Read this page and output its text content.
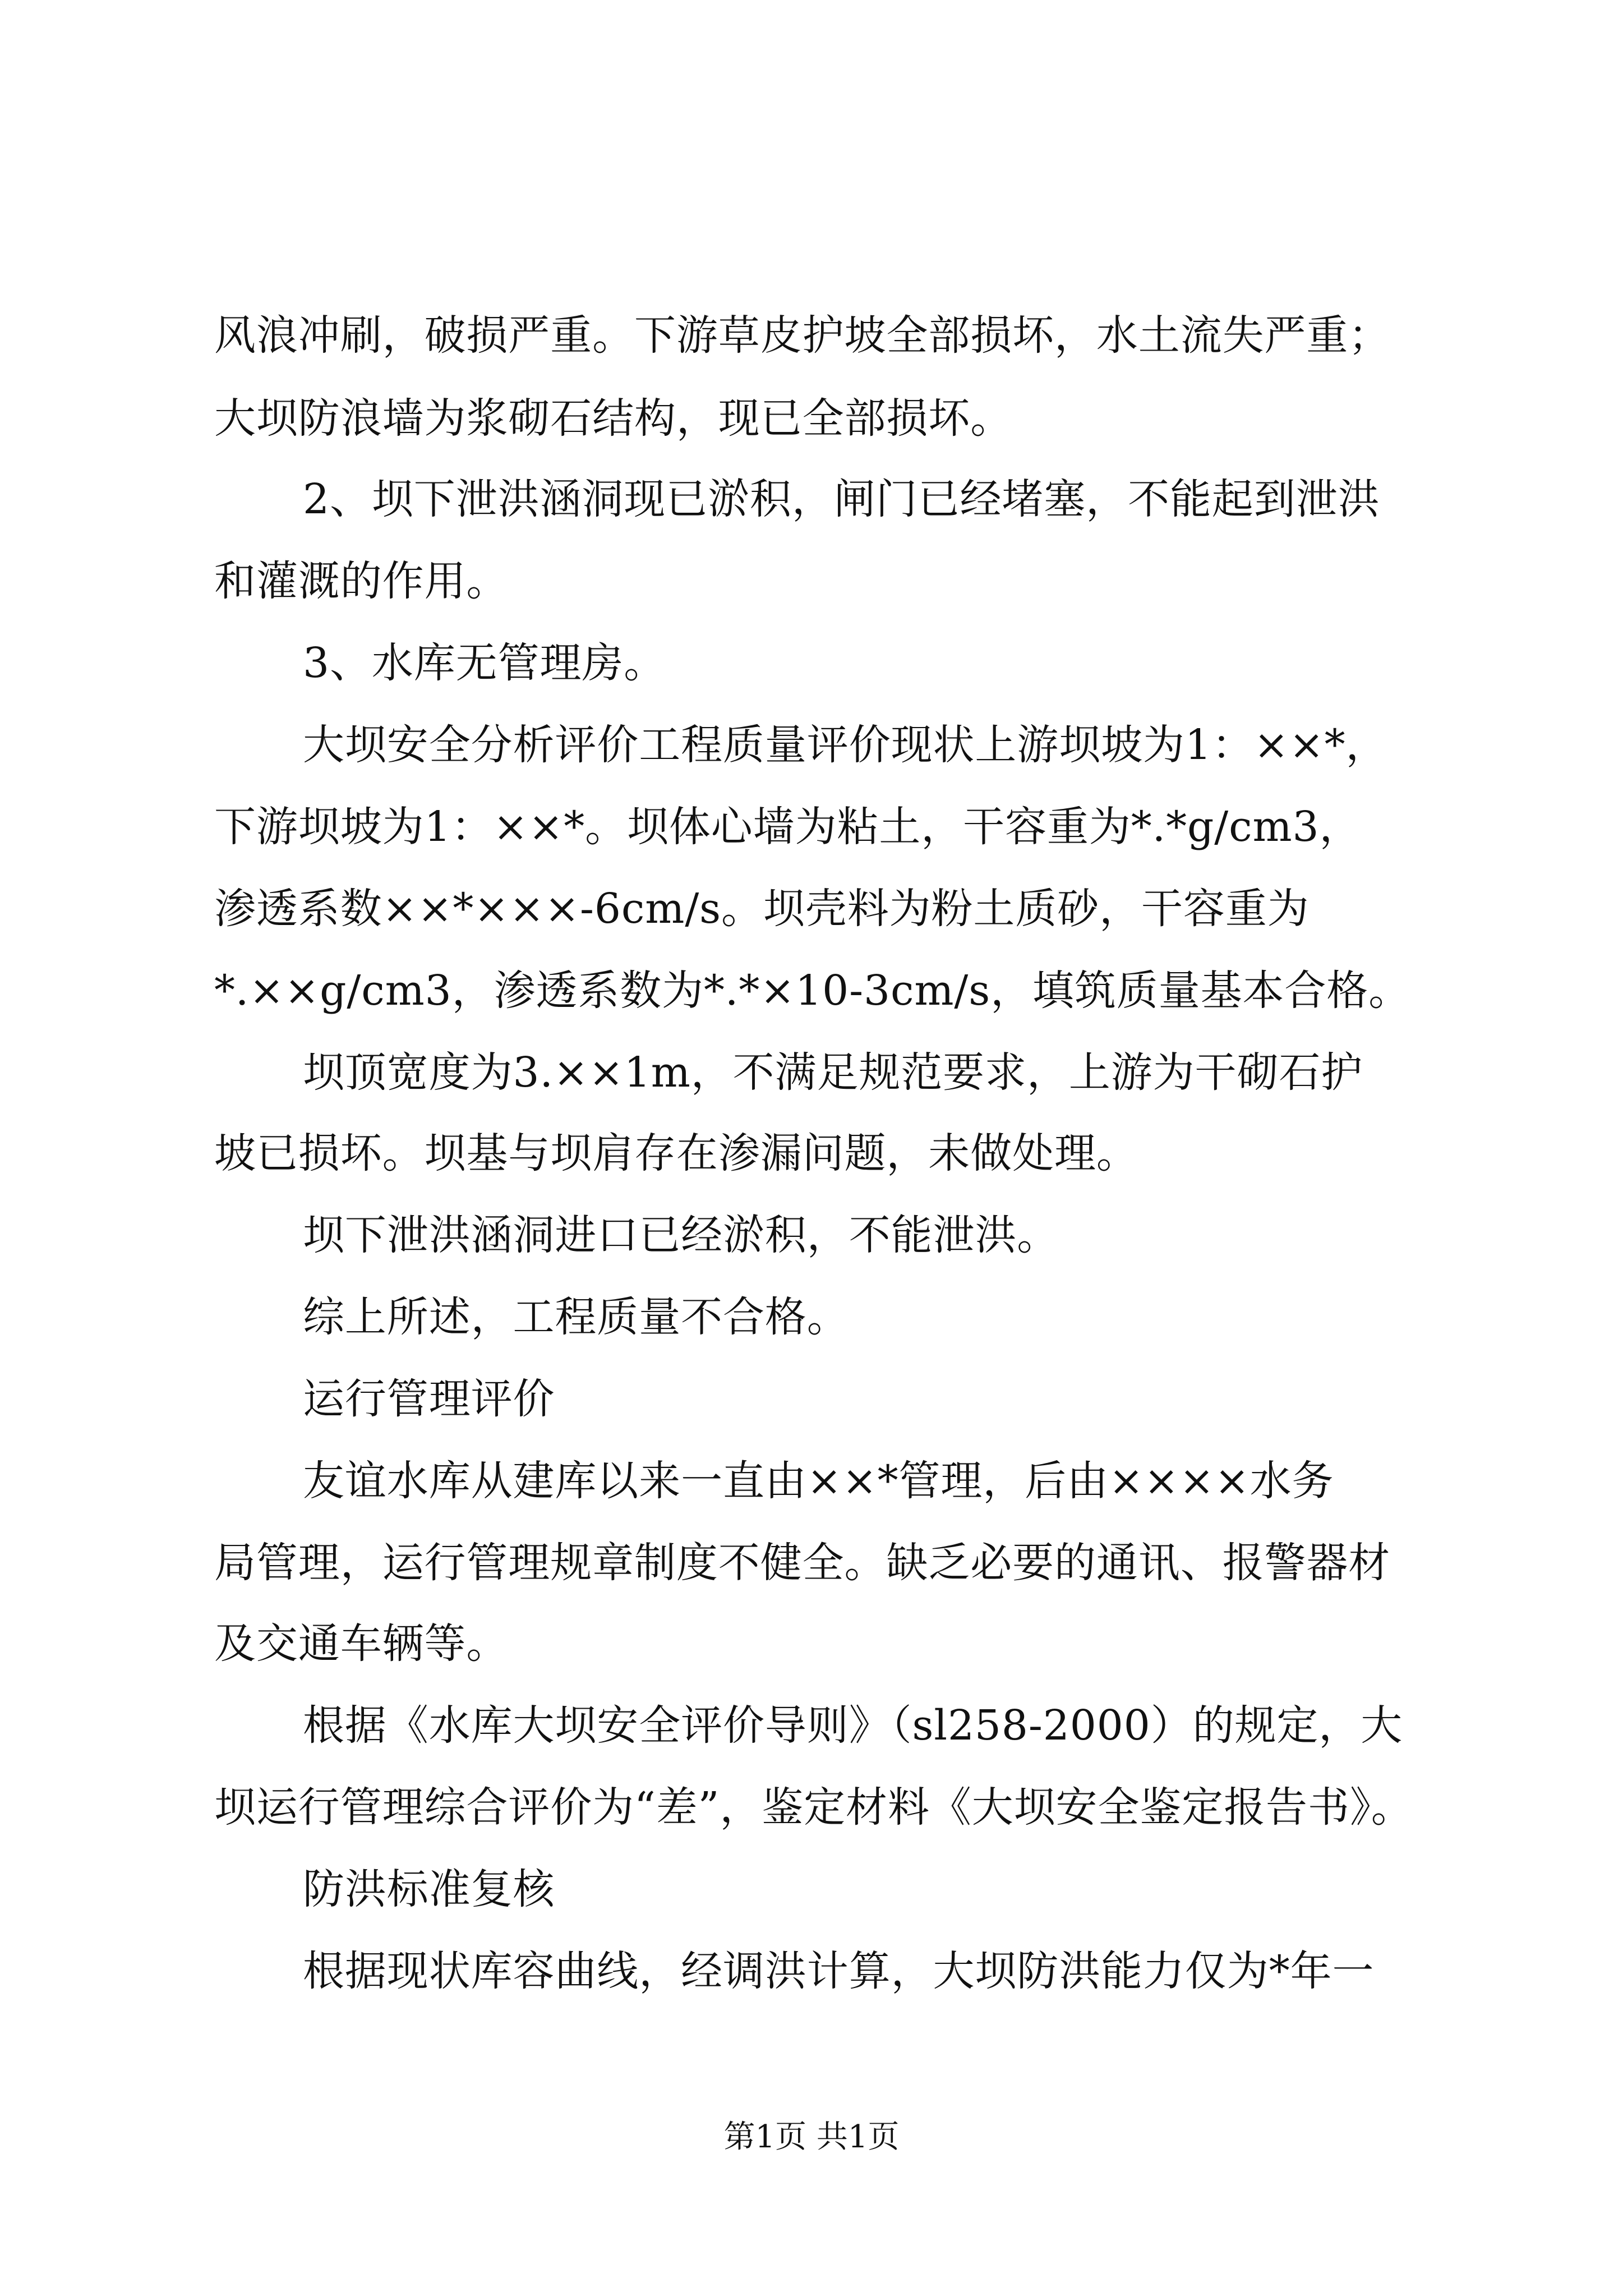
风浪冲刷，破损严重。下游草皮护坡全部损坏，水土流失严重；
大坝防浪墙为浆砌石结构，现已全部损坏。
2、坝下泄洪涵洞现已淤积，闸门已经堵塞，不能起到泄洪
和灌溉的作用。
3、水库无管理房。
大坝安全分析评价工程质量评价现状上游坝坡为1：××*，
下游坝坡为1：××*。坝体心墙为粘土，干容重为*.*g/cm3，
渗透系数××*×××-6cm/s。坝壳料为粉土质砂，干容重为
*.××g/cm3，渗透系数为*.*×10-3cm/s，填筑质量基本合格。
坝顶宽度为3.××1m，不满足规范要求，上游为干砌石护
坡已损坏。坝基与坝肩存在渗漏问题，未做处理。
坝下泄洪涵洞进口已经淤积，不能泄洪。
综上所述，工程质量不合格。
运行管理评价
友谊水库从建库以来一直由××*管理，后由××××水务
局管理，运行管理规章制度不健全。缺乏必要的通讯、报警器材
及交通车辆等。
根据《水库大坝安全评价导则》（sl258-2000）的规定，大
坝运行管理综合评价为“差”，鉴定材料《大坝安全鉴定报告书》。
防洪标准复核
根据现状库容曲线，经调洪计算，大坝防洪能力仅为*年一
第1页 共1页
